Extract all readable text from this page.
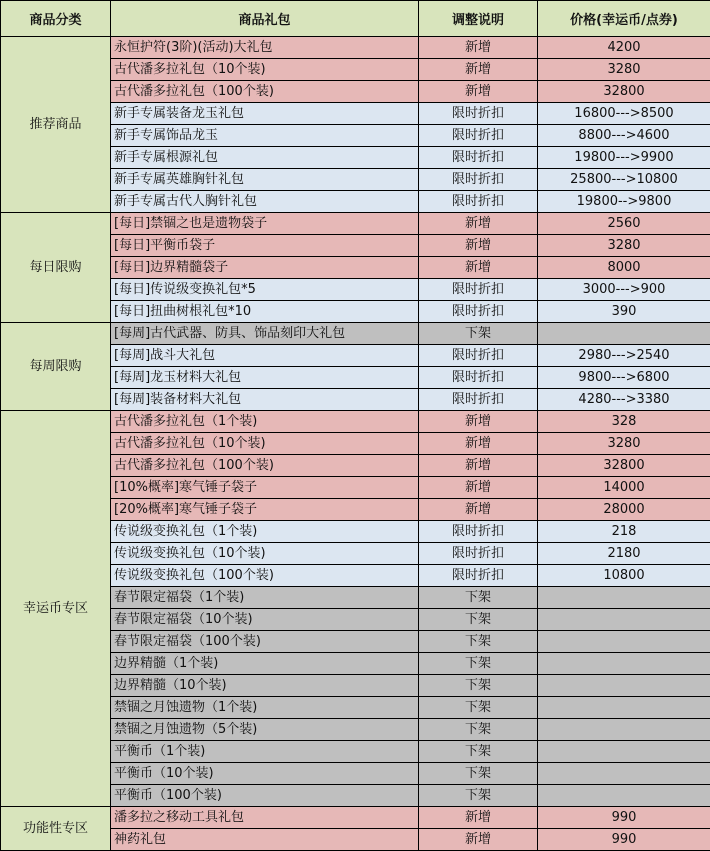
商品分类	商品礼包	调整说明	价格(幸运币/点券)
推荐商品	永恒护符(3阶)(活动)大礼包	新增	4200
	古代潘多拉礼包（10个装)	新增	3280
	古代潘多拉礼包（100个装)	新增	32800
	新手专属装备龙玉礼包	限时折扣	16800--->8500
	新手专属饰品龙玉	限时折扣	8800--->4600
	新手专属根源礼包	限时折扣	19800--->9900
	新手专属英雄胸针礼包	限时折扣	25800--->10800
	新手专属古代人胸针礼包	限时折扣	19800-->9800
每日限购	[每日]禁锢之也是遗物袋子	新增	2560
	[每日]平衡币袋子	新增	3280
	[每日]边界精髓袋子	新增	8000
	[每日]传说级变换礼包*5	限时折扣	3000--->900
	[每日]扭曲树根礼包*10	限时折扣	390
每周限购	[每周]古代武器、防具、饰品刻印大礼包	下架	
	[每周]战斗大礼包	限时折扣	2980--->2540
	[每周]龙玉材料大礼包	限时折扣	9800--->6800
	[每周]装备材料大礼包	限时折扣	4280--->3380
幸运币专区	古代潘多拉礼包（1个装)	新增	328
	古代潘多拉礼包（10个装)	新增	3280
	古代潘多拉礼包（100个装)	新增	32800
	[10%概率]寒气锤子袋子	新增	14000
	[20%概率]寒气锤子袋子	新增	28000
	传说级变换礼包（1个装)	限时折扣	218
	传说级变换礼包（10个装)	限时折扣	2180
	传说级变换礼包（100个装)	限时折扣	10800
	春节限定福袋（1个装)	下架	
	春节限定福袋（10个装)	下架	
	春节限定福袋（100个装)	下架	
	边界精髓（1个装)	下架	
	边界精髓（10个装)	下架	
	禁锢之月蚀遗物（1个装)	下架	
	禁锢之月蚀遗物（5个装)	下架	
	平衡币（1个装)	下架	
	平衡币（10个装)	下架	
	平衡币（100个装)	下架	
功能性专区	潘多拉之移动工具礼包	新增	990
	神药礼包	新增	990
